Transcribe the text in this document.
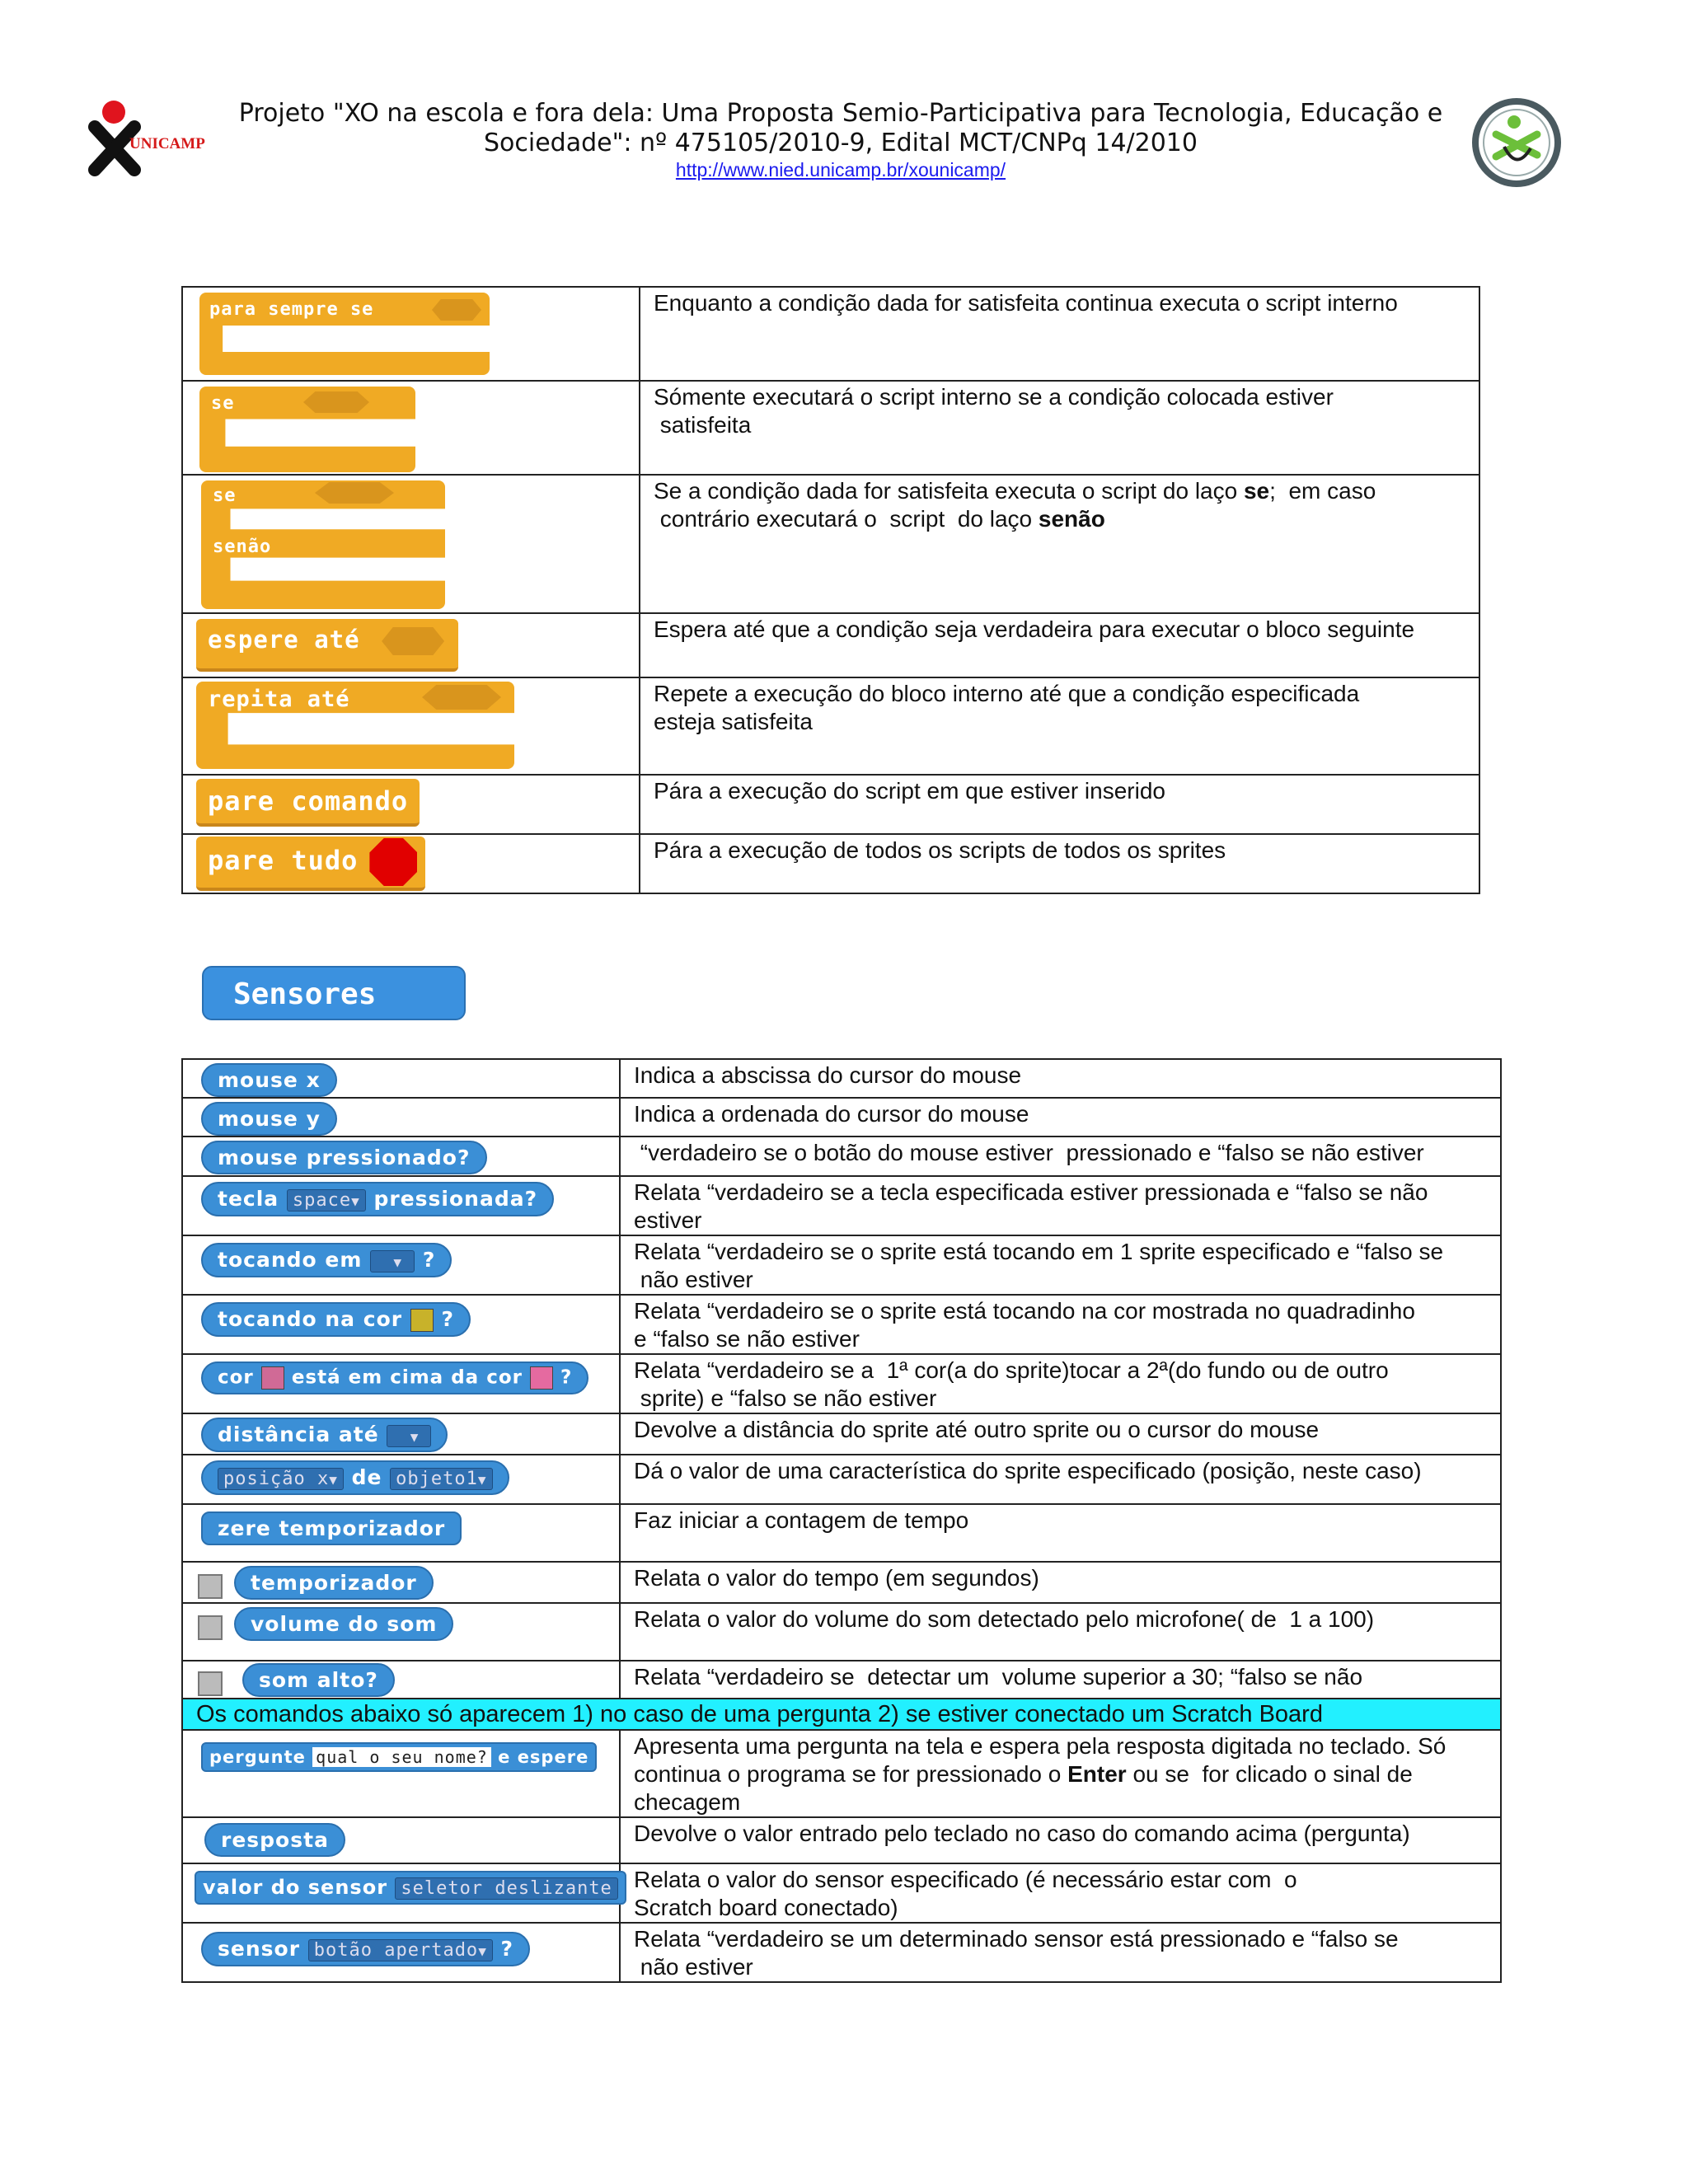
UNICAMP
Projeto "XO na escola e fora dela: Uma Proposta Semio-Participativa para Tecnologia, Educação e
Sociedade": nº 475105/2010-9, Edital MCT/CNPq 14/2010
http://www.nied.unicamp.br/xounicamp/
para sempre se	Enquanto a condição dada for satisfeita continua executa o script interno

se	Sómente executará o script interno se a condição colocada estiver
satisfeita

se
senão	Se a condição dada for satisfeita executa o script do laço se;  em caso
contrário executará o  script  do laço senão

espere até	Espera até que a condição seja verdadeira para executar o bloco seguinte

repita até	Repete a execução do bloco interno até que a condição especificada
esteja satisfeita

pare comando	Pára a execução do script em que estiver inserido

pare tudo	Pára a execução de todos os scripts de todos os sprites
Sensores
mouse x	Indica a abscissa do cursor do mouse

mouse y	Indica a ordenada do cursor do mouse

mouse pressionado?	“verdadeiro se o botão do mouse estiver  pressionado e “falso se não estiver

tecla space▼ pressionada?	Relata “verdadeiro se a tecla especificada estiver pressionada e “falso se não
estiver

tocando em   ▼ ?	Relata “verdadeiro se o sprite está tocando em 1 sprite especificado e “falso se
não estiver

tocando na cor ?	Relata “verdadeiro se o sprite está tocando na cor mostrada no quadradinho
e “falso se não estiver

cor está em cima da cor ?	Relata “verdadeiro se a  1ª cor(a do sprite)tocar a 2ª(do fundo ou de outro
sprite) e “falso se não estiver

distância até   ▼	Devolve a distância do sprite até outro sprite ou o cursor do mouse

posição x▼ de objeto1▼	Dá o valor de uma característica do sprite especificado (posição, neste caso)

zere temporizador	Faz iniciar a contagem de tempo

temporizador	Relata o valor do tempo (em segundos)

volume do som	Relata o valor do volume do som detectado pelo microfone( de  1 a 100)

som alto?	Relata “verdadeiro se  detectar um  volume superior a 30; “falso se não
Os comandos abaixo só aparecem 1) no caso de uma pergunta 2) se estiver conectado um Scratch Board	

pergunte qual o seu nome? e espere	Apresenta uma pergunta na tela e espera pela resposta digitada no teclado. Só
continua o programa se for pressionado o Enter ou se  for clicado o sinal de
checagem

resposta	Devolve o valor entrado pelo teclado no caso do comando acima (pergunta)

valor do sensor seletor deslizante	Relata o valor do sensor especificado (é necessário estar com  o
Scratch board conectado)

sensor botão apertado▼ ?	Relata “verdadeiro se um determinado sensor está pressionado e “falso se
não estiver
